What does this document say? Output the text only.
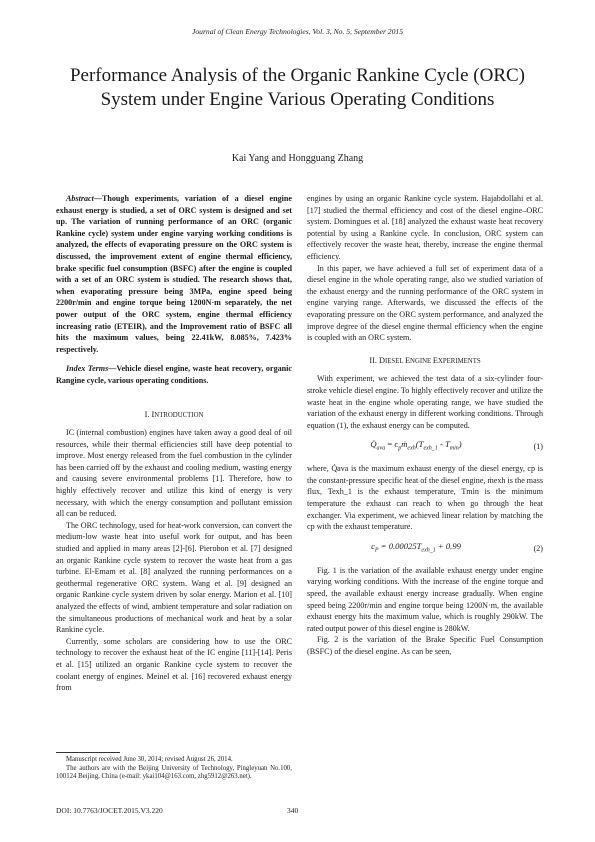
Journal of Clean Energy Technologies, Vol. 3, No. 5, September 2015
Performance Analysis of the Organic Rankine Cycle (ORC) System under Engine Various Operating Conditions
Kai Yang and Hongguang Zhang

Abstract—Though experiments, variation of a diesel engine exhaust energy is studied, a set of ORC system is designed and set up. The variation of running performance of an ORC (organic Rankine cycle) system under engine varying working conditions is analyzed, the effects of evaporating pressure on the ORC system is discussed, the improvement extent of engine thermal efficiency, brake specific fuel consumption (BSFC) after the engine is coupled with a set of an ORC system is studied. The research shows that, when evaporating pressure being 3MPa, engine speed being 2200r/min and engine torque being 1200N·m separately, the net power output of the ORC system, engine thermal efficiency increasing ratio (ETEIR), and the Improvement ratio of BSFC all hits the maximum values, being 22.41kW, 8.085%, 7.423% respectively.

Index Terms—Vehicle diesel engine, waste heat recovery, organic Rangine cycle, various operating conditions.

I. INTRODUCTION

IC (internal combustion) engines have taken away a good deal of oil resources, while their thermal efficiencies still have deep potential to improve. Most energy released from the fuel combustion in the cylinder has been carried off by the exhaust and cooling medium, wasting energy and causing severe environmental problems [1]. Therefore, how to highly effectively recover and utilize this kind of energy is very necessary, with which the energy consumption and pollutant emission all can be reduced.

The ORC technology, used for heat-work conversion, can convert the medium-low waste heat into useful work for output, and has been studied and applied in many areas [2]-[6]. Pierobon et al. [7] designed an organic Rankine cycle system to recover the waste heat from a gas turbine. El-Emam et al. [8] analyzed the running performances on a geothermal regenerative ORC system. Wang et al. [9] designed an organic Rankine cycle system driven by solar energy. Marion et al. [10] analyzed the effects of wind, ambient temperature and solar radiation on the simultaneous productions of mechanical work and heat by a solar Rankine cycle.

Currently, some scholars are considering how to use the ORC technology to recover the exhaust heat of the IC engine [11]-[14]. Peris et al. [15] utilized an organic Rankine cycle system to recover the coolant energy of engines. Meinel et al. [16] recovered exhaust energy from

engines by using an organic Rankine cycle system. Hajabdollahi et al. [17] studied the thermal efficiency and cost of the diesel engine–ORC system. Domingues et al. [18] analyzed the exhaust waste heat recovery potential by using a Rankine cycle. In conclusion, ORC system can effectively recover the waste heat, thereby, increase the engine thermal efficiency.

In this paper, we have achieved a full set of experiment data of a diesel engine in the whole operating range, also we studied variation of the exhaust energy and the running performance of the ORC system in engine varying range. Afterwards, we discussed the effects of the evaporating pressure on the ORC system performance, and analyzed the improve degree of the diesel engine thermal efficiency when the engine is coupled with an ORC system.

II. DIESEL ENGINE EXPERIMENTS

With experiment, we achieved the test data of a six-cylinder four-stroke vehicle diesel engine. To highly effectively recover and utilize the waste heat in the engine whole operating range, we have studied the variation of the exhaust energy in different working conditions. Through equation (1), the exhaust energy can be computed.

$Q̇_{ava}$ = $c_pṁ_{exh}(T_{exh\_1} - T_{min})$	(1)

where, Q̇ava is the maximum exhaust energy of the diesel energy, cp is the constant-pressure specific heat of the diesel engine, ṁexh is the mass flux, Texh_1 is the exhaust temperature, Tmin is the minimum temperature the exhaust can reach to when go through the heat exchanger. Via experiment, we achieved linear relation by matching the cp with the exhaust temperature.

$c_P = 0.00025T_{exh\_1} + 0.99$	(2)

Fig. 1 is the variation of the available exhaust energy under engine varying working conditions. With the increase of the engine torque and speed, the available exhaust energy increase gradually. When engine speed being 2200r/min and engine torque being 1200N·m, the available exhaust energy hits the maximum value, which is roughly 290kW. The rated output power of this diesel engine is 280kW.

Fig. 2 is the variation of the Brake Specific Fuel Consumption (BSFC) of the diesel engine. As can be seen,

Manuscript received June 30, 2014; revised August 26, 2014.

The authors are with the Beijing University of Technology, Pingleyuan No.100, 100124 Beijing, China (e-mail: ykai104@163.com, zhg5912@263.net).

DOI: 10.7763/JOCET.2015.V3.220	340
